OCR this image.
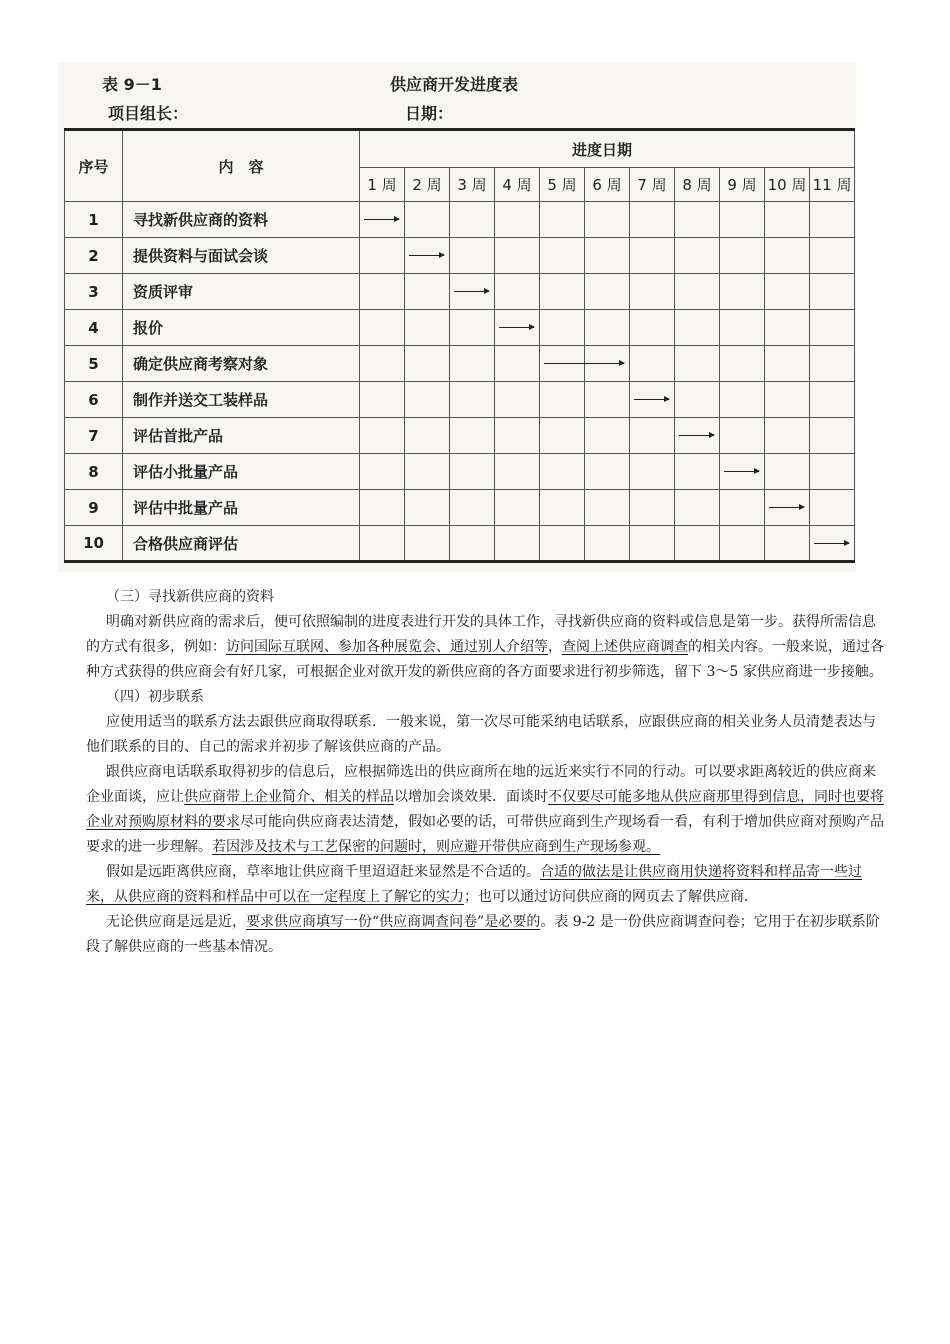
表 9－1	供应商开发进度表
项目组长：	日期：
序号	内　容	进度日期										
		1 周	2 周	3 周	4 周	5 周	6 周	7 周	8 周	9 周	10 周	11 周
1	寻找新供应商的资料	

2	提供资料与面试会谈		

3	资质评审			

4	报价				

5	确定供应商考察对象					

6	制作并送交工装样品							

7	评估首批产品								

8	评估小批量产品									

9	评估中批量产品										

10	合格供应商评估											

（三）寻找新供应商的资料

明确对新供应商的需求后，便可依照编制的进度表进行开发的具体工作，寻找新供应商的资料或信息是第一步。获得所需信息的方式有很多，例如：访问国际互联网、参加各种展览会、通过别人介绍等，查阅上述供应商调查的相关内容。一般来说，通过各种方式获得的供应商会有好几家，可根据企业对欲开发的新供应商的各方面要求进行初步筛选，留下 3～5 家供应商进一步接触。

（四）初步联系

应使用适当的联系方法去跟供应商取得联系．一般来说，第一次尽可能采纳电话联系，应跟供应商的相关业务人员清楚表达与他们联系的目的、自己的需求并初步了解该供应商的产品。

跟供应商电话联系取得初步的信息后，应根据筛选出的供应商所在地的远近来实行不同的行动。可以要求距离较近的供应商来企业面谈，应让供应商带上企业简介、相关的样品以增加会谈效果．面谈时不仅要尽可能多地从供应商那里得到信息，同时也要将企业对预购原材料的要求尽可能向供应商表达清楚，假如必要的话，可带供应商到生产现场看一看，有利于增加供应商对预购产品要求的进一步理解。若因涉及技术与工艺保密的问题时，则应避开带供应商到生产现场参观。

假如是远距离供应商，草率地让供应商千里迢迢赶来显然是不合适的。合适的做法是让供应商用快递将资料和样品寄一些过来，从供应商的资料和样品中可以在一定程度上了解它的实力；也可以通过访问供应商的网页去了解供应商．

无论供应商是远是近，要求供应商填写一份“供应商调查问卷”是必要的。表 9-2 是一份供应商调查问卷；它用于在初步联系阶段了解供应商的一些基本情况。
